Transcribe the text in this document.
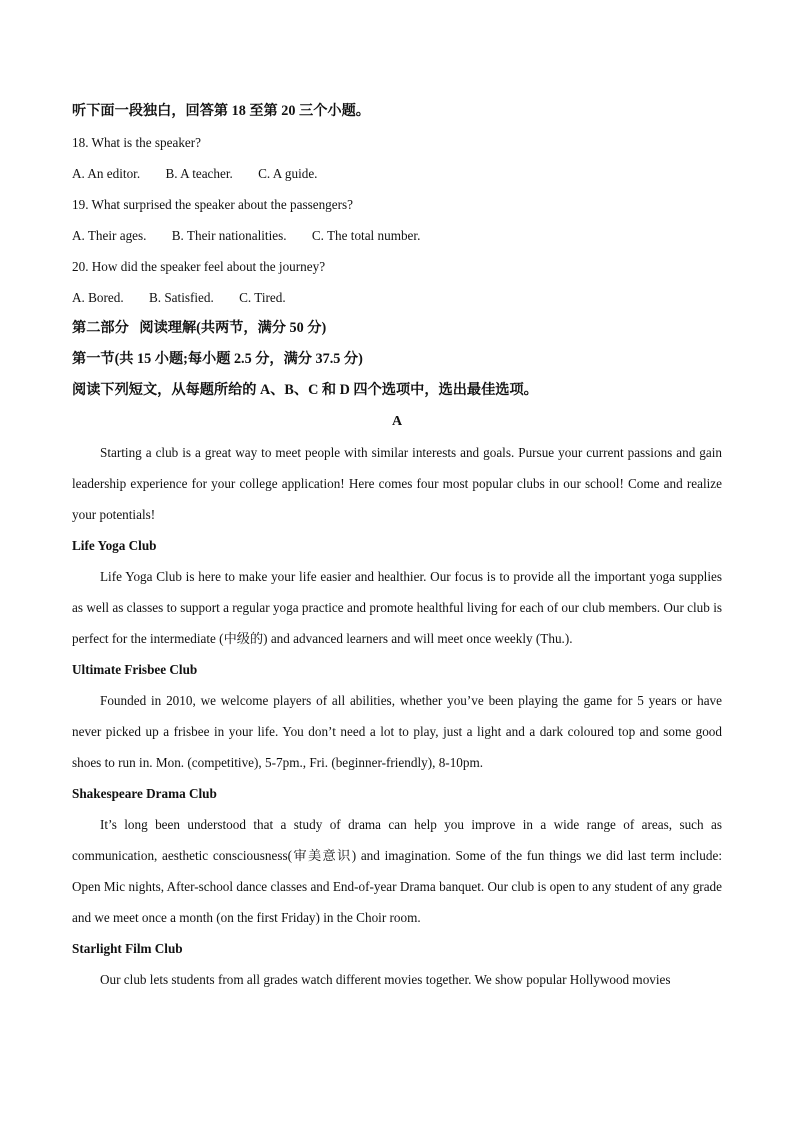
听下面一段独白，回答第 18 至第 20 三个小题。
18. What is the speaker?
A. An editor. B. A teacher. C. A guide.
19. What surprised the speaker about the passengers?
A. Their ages. B. Their nationalities. C. The total number.
20. How did the speaker feel about the journey?
A. Bored. B. Satisfied. C. Tired.
第二部分   阅读理解(共两节，满分 50 分)
第一节(共 15 小题;每小题 2.5 分，满分 37.5 分)
阅读下列短文，从每题所给的 A、B、C 和 D 四个选项中，选出最佳选项。
A

Starting a club is a great way to meet people with similar interests and goals. Pursue your current passions and gain leadership experience for your college application! Here comes four most popular clubs in our school! Come and realize your potentials!

Life Yoga Club

Life Yoga Club is here to make your life easier and healthier. Our focus is to provide all the important yoga supplies as well as classes to support a regular yoga practice and promote healthful living for each of our club members. Our club is perfect for the intermediate (中级的) and advanced learners and will meet once weekly (Thu.).

Ultimate Frisbee Club

Founded in 2010, we welcome players of all abilities, whether you’ve been playing the game for 5 years or have never picked up a frisbee in your life. You don’t need a lot to play, just a light and a dark coloured top and some good shoes to run in. Mon. (competitive), 5-7pm., Fri. (beginner-friendly), 8-10pm.

Shakespeare Drama Club

It’s long been understood that a study of drama can help you improve in a wide range of areas, such as communication, aesthetic consciousness(审美意识) and imagination. Some of the fun things we did last term include: Open Mic nights, After-school dance classes and End-of-year Drama banquet. Our club is open to any student of any grade and we meet once a month (on the first Friday) in the Choir room.

Starlight Film Club

Our club lets students from all grades watch different movies together. We show popular Hollywood movies
